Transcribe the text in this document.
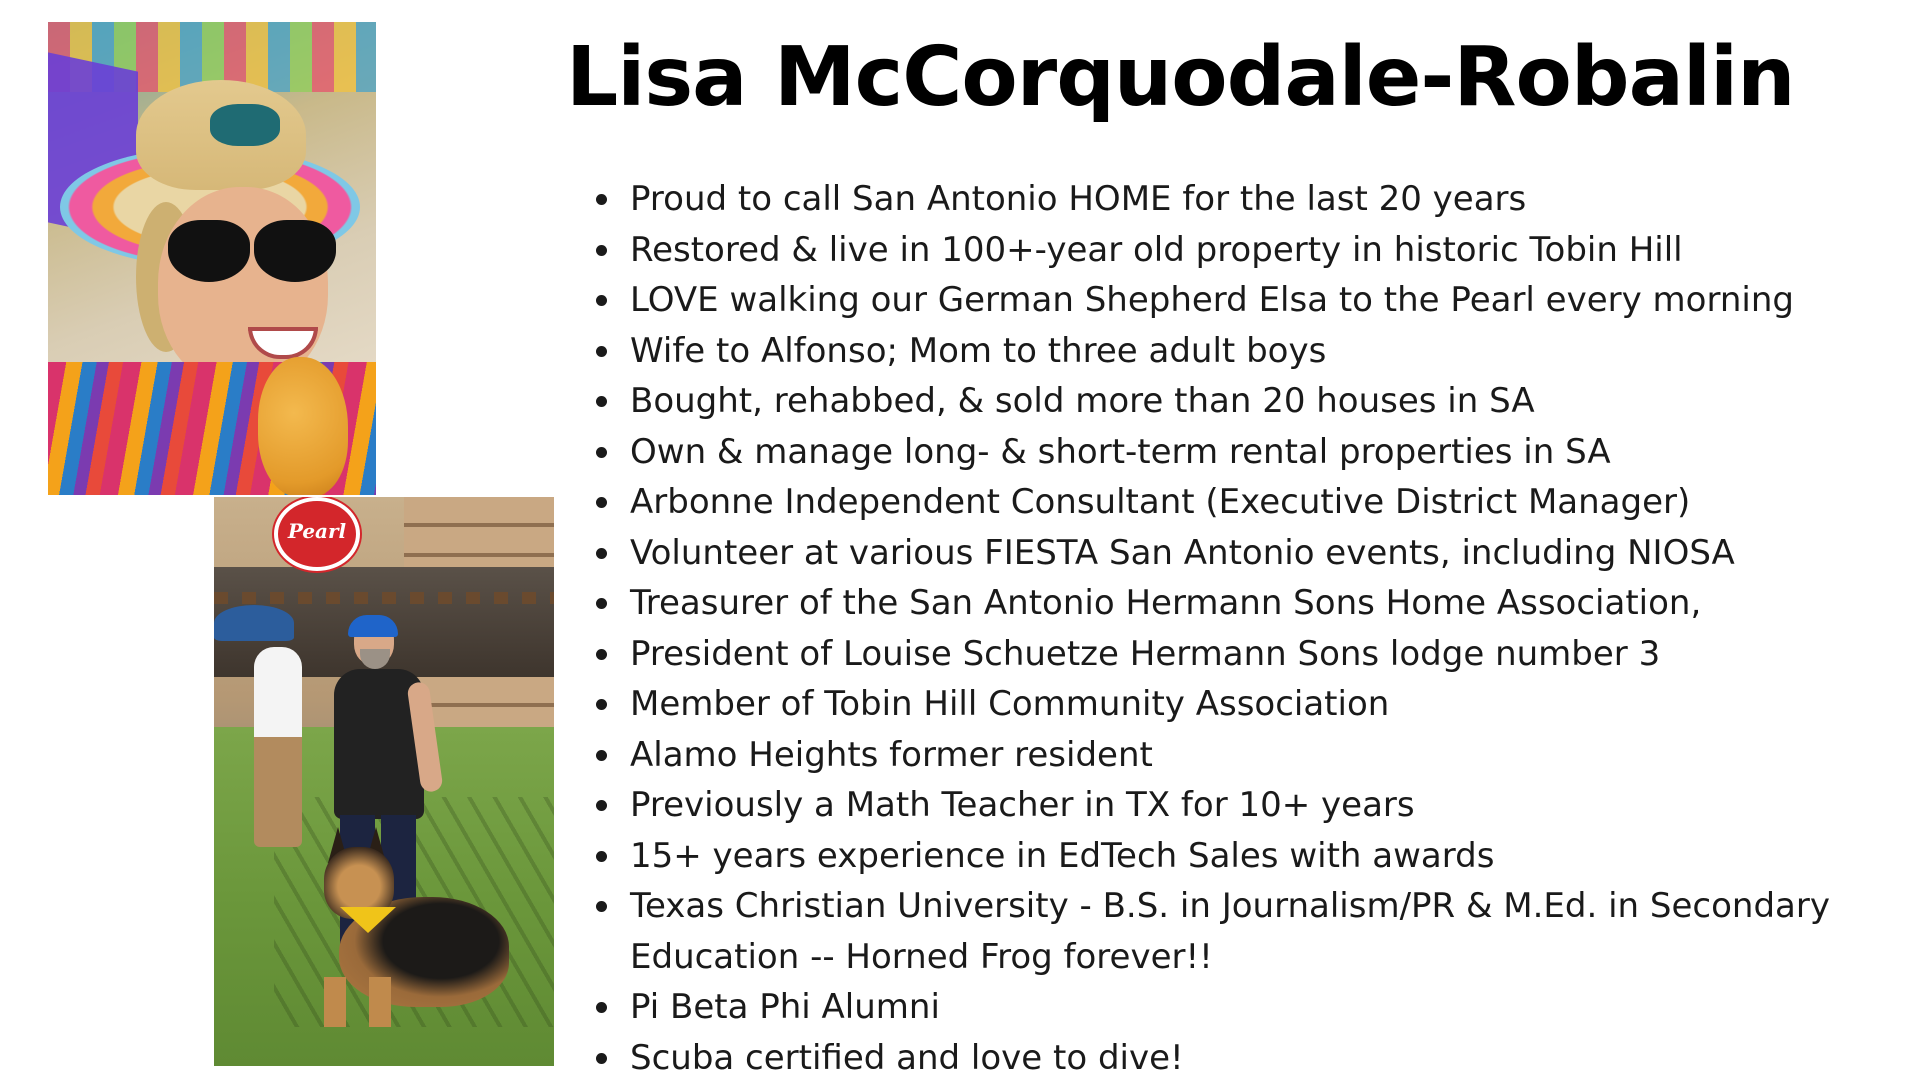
Pearl
Lisa McCorquodale-Robalin
Proud to call San Antonio HOME for the last 20 years
Restored & live in 100+-year old property in historic Tobin Hill
LOVE walking our German Shepherd Elsa to the Pearl every morning
Wife to Alfonso; Mom to three adult boys
Bought, rehabbed, & sold more than 20 houses in SA
Own & manage long- & short-term rental properties in SA
Arbonne Independent Consultant (Executive District Manager)
Volunteer at various FIESTA San Antonio events, including NIOSA
Treasurer of the San Antonio Hermann Sons Home Association,
President of Louise Schuetze Hermann Sons lodge number 3
Member of Tobin Hill Community Association
Alamo Heights former resident
Previously a Math Teacher in TX for 10+ years
15+ years experience in EdTech Sales with awards
Texas Christian University - B.S. in Journalism/PR & M.Ed. in Secondary Education -- Horned Frog forever!!
Pi Beta Phi Alumni
Scuba certified and love to dive!
